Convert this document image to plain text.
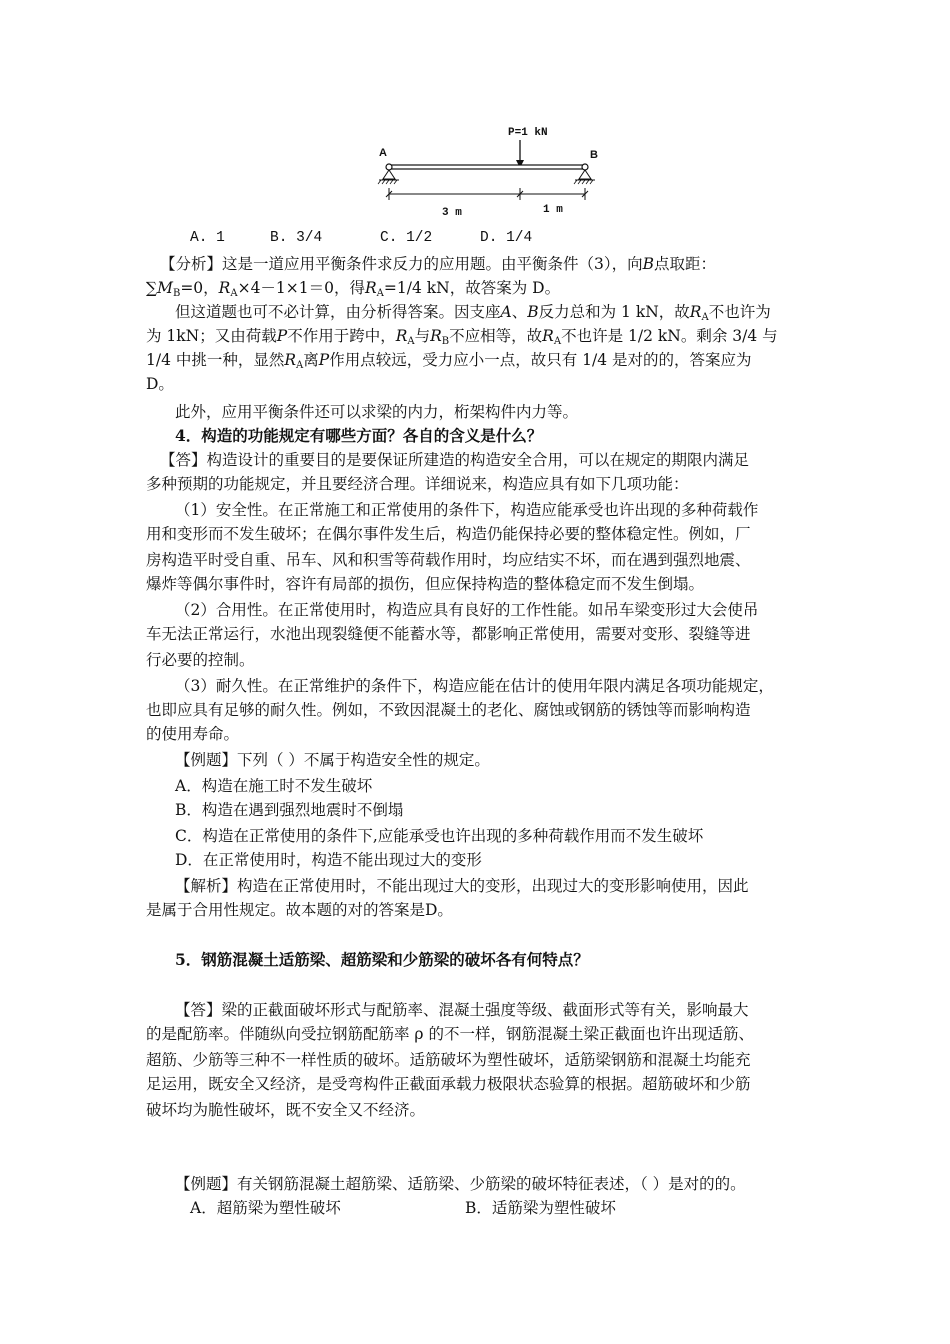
P=1 kN
A	B
3 m	1 m
A. 1	B. 3/4	C. 1/2	D. 1/4
【分析】这是一道应用平衡条件求反力的应用题。由平衡条件（3），向B点取距：
$\sum M_B=0$，$R_A\times 4-1\times 1=0$，得$R_A=1/4$ kN，故答案为 D。
但这道题也可不必计算，由分析得答案。因支座A、B反力总和为 1 kN，故$R_A$不也许为
为 1kN；又由荷载P不作用于跨中，$R_A$与$R_B$不应相等，故$R_A$不也许是 1/2 kN。剩余 3/4 与
1/4 中挑一种，显然$R_A$离P作用点较远，受力应小一点，故只有 1/4 是对的的，答案应为
D。
此外，应用平衡条件还可以求梁的内力，桁架构件内力等。
4．构造的功能规定有哪些方面？各自的含义是什么？
【答】构造设计的重要目的是要保证所建造的构造安全合用，可以在规定的期限内满足
多种预期的功能规定，并且要经济合理。详细说来，构造应具有如下几项功能：
（1）安全性。在正常施工和正常使用的条件下，构造应能承受也许出现的多种荷载作
用和变形而不发生破坏；在偶尔事件发生后，构造仍能保持必要的整体稳定性。例如，厂
房构造平时受自重、吊车、风和积雪等荷载作用时，均应结实不坏，而在遇到强烈地震、
爆炸等偶尔事件时，容许有局部的损伤，但应保持构造的整体稳定而不发生倒塌。
（2）合用性。在正常使用时，构造应具有良好的工作性能。如吊车梁变形过大会使吊
车无法正常运行，水池出现裂缝便不能蓄水等，都影响正常使用，需要对变形、裂缝等进
行必要的控制。
（3）耐久性。在正常维护的条件下，构造应能在估计的使用年限内满足各项功能规定，
也即应具有足够的耐久性。例如，不致因混凝土的老化、腐蚀或钢筋的锈蚀等而影响构造
的使用寿命。
【例题】下列（ ）不属于构造安全性的规定。
A．构造在施工时不发生破坏
B．构造在遇到强烈地震时不倒塌
C．构造在正常使用的条件下,应能承受也许出现的多种荷载作用而不发生破坏
D．在正常使用时，构造不能出现过大的变形
【解析】构造在正常使用时，不能出现过大的变形，出现过大的变形影响使用，因此
是属于合用性规定。故本题的对的答案是D。
5．钢筋混凝土适筋梁、超筋梁和少筋梁的破坏各有何特点？
【答】梁的正截面破坏形式与配筋率、混凝土强度等级、截面形式等有关，影响最大
的是配筋率。伴随纵向受拉钢筋配筋率 ρ 的不一样，钢筋混凝土梁正截面也许出现适筋、
超筋、少筋等三种不一样性质的破坏。适筋破坏为塑性破坏，适筋梁钢筋和混凝土均能充
足运用，既安全又经济，是受弯构件正截面承载力极限状态验算的根据。超筋破坏和少筋
破坏均为脆性破坏，既不安全又不经济。
【例题】有关钢筋混凝土超筋梁、适筋梁、少筋梁的破坏特征表述，（ ）是对的的。
A．超筋梁为塑性破坏	B．适筋梁为塑性破坏
